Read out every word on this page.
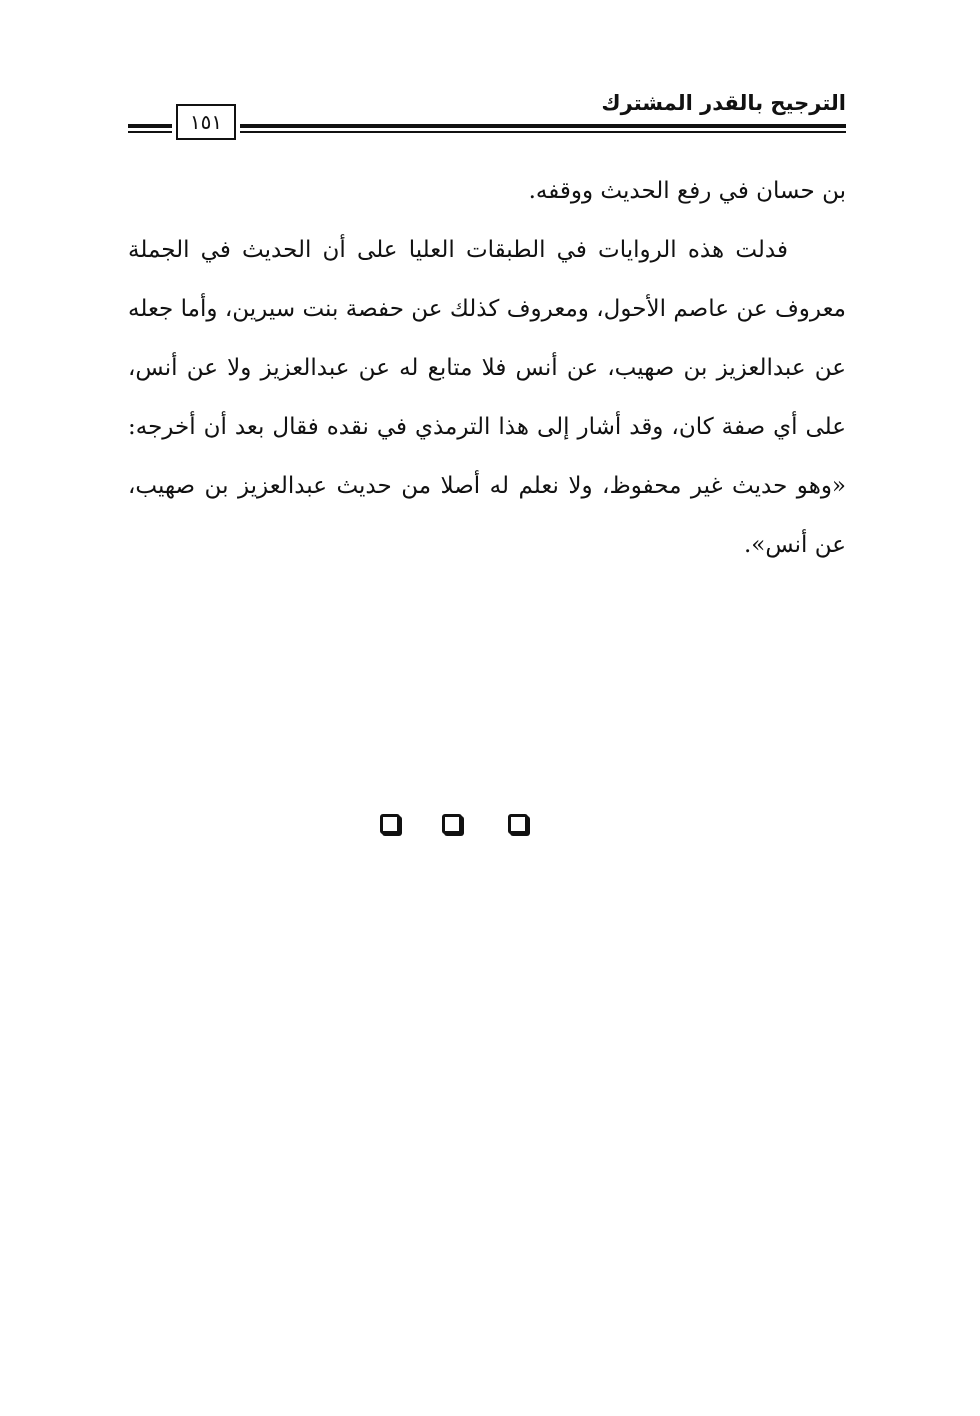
الترجيح بالقدر المشترك
١٥١

بن حسان في رفع الحديث ووقفه.

فدلت هذه الروايات في الطبقات العليا على أن الحديث في الجملة معروف عن عاصم الأحول، ومعروف كذلك عن حفصة بنت سيرين، وأما جعله عن عبدالعزيز بن صهيب، عن أنس فلا متابع له عن عبدالعزيز ولا عن أنس، على أي صفة كان، وقد أشار إلى هذا الترمذي في نقده فقال بعد أن أخرجه: «وهو حديث غير محفوظ، ولا نعلم له أصلا من حديث عبدالعزيز بن صهيب، عن أنس».
